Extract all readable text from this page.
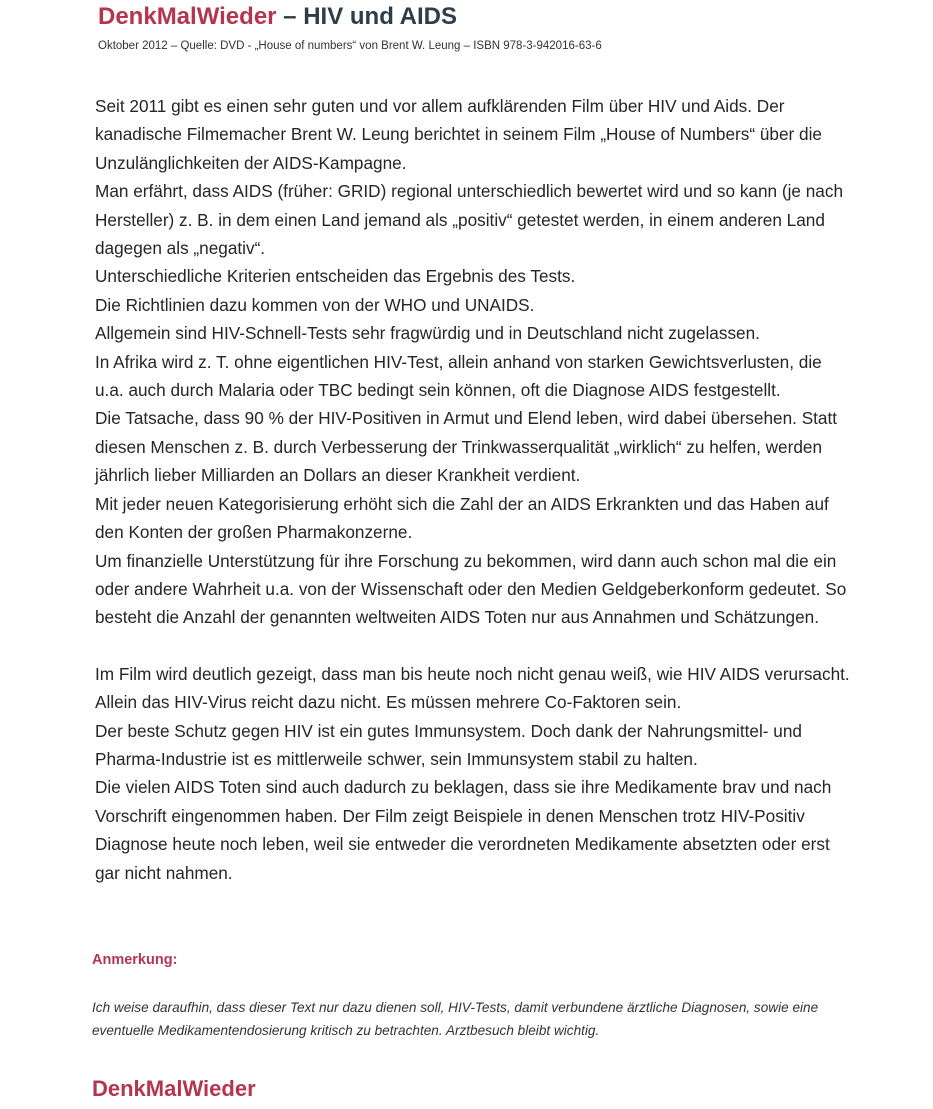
DenkMalWieder – HIV und AIDS
Oktober 2012 – Quelle: DVD - „House of numbers“ von Brent W. Leung – ISBN 978-3-942016-63-6

Seit 2011 gibt es einen sehr guten und vor allem aufklärenden Film über HIV und Aids. Der kanadische Filmemacher Brent W. Leung berichtet in seinem Film „House of Numbers“ über die Unzulänglichkeiten der AIDS-Kampagne.

Man erfährt, dass AIDS (früher: GRID) regional unterschiedlich bewertet wird und so kann (je nach Hersteller) z. B. in dem einen Land jemand als „positiv“ getestet werden, in einem anderen Land dagegen als „negativ“.

Unterschiedliche Kriterien entscheiden das Ergebnis des Tests.

Die Richtlinien dazu kommen von der WHO und UNAIDS.

Allgemein sind HIV-Schnell-Tests sehr fragwürdig und in Deutschland nicht zugelassen.

In Afrika wird z. T. ohne eigentlichen HIV-Test, allein anhand von starken Gewichtsverlusten, die u.a. auch durch Malaria oder TBC bedingt sein können, oft die Diagnose AIDS festgestellt.

Die Tatsache, dass 90 % der HIV-Positiven in Armut und Elend leben, wird dabei übersehen. Statt diesen Menschen z. B. durch Verbesserung der Trinkwasserqualität „wirklich“ zu helfen, werden jährlich lieber Milliarden an Dollars an dieser Krankheit verdient.

Mit jeder neuen Kategorisierung erhöht sich die Zahl der an AIDS Erkrankten und das Haben auf den Konten der großen Pharmakonzerne.

Um finanzielle Unterstützung für ihre Forschung zu bekommen, wird dann auch schon mal die ein oder andere Wahrheit u.a. von der Wissenschaft oder den Medien Geldgeberkonform gedeutet. So besteht die Anzahl der genannten weltweiten AIDS Toten nur aus Annahmen und Schätzungen.

Im Film wird deutlich gezeigt, dass man bis heute noch nicht genau weiß, wie HIV AIDS verursacht. Allein das HIV-Virus reicht dazu nicht. Es müssen mehrere Co-Faktoren sein.

Der beste Schutz gegen HIV ist ein gutes Immunsystem. Doch dank der Nahrungsmittel- und Pharma-Industrie ist es mittlerweile schwer, sein Immunsystem stabil zu halten.

Die vielen AIDS Toten sind auch dadurch zu beklagen, dass sie ihre Medikamente brav und nach Vorschrift eingenommen haben. Der Film zeigt Beispiele in denen Menschen trotz HIV-Positiv Diagnose heute noch leben, weil sie entweder die verordneten Medikamente absetzten oder erst gar nicht nahmen.

Anmerkung:
Ich weise daraufhin, dass dieser Text nur dazu dienen soll, HIV-Tests, damit verbundene ärztliche Diagnosen, sowie eine eventuelle Medikamentendosierung kritisch zu betrachten. Arztbesuch bleibt wichtig.
DenkMalWieder
